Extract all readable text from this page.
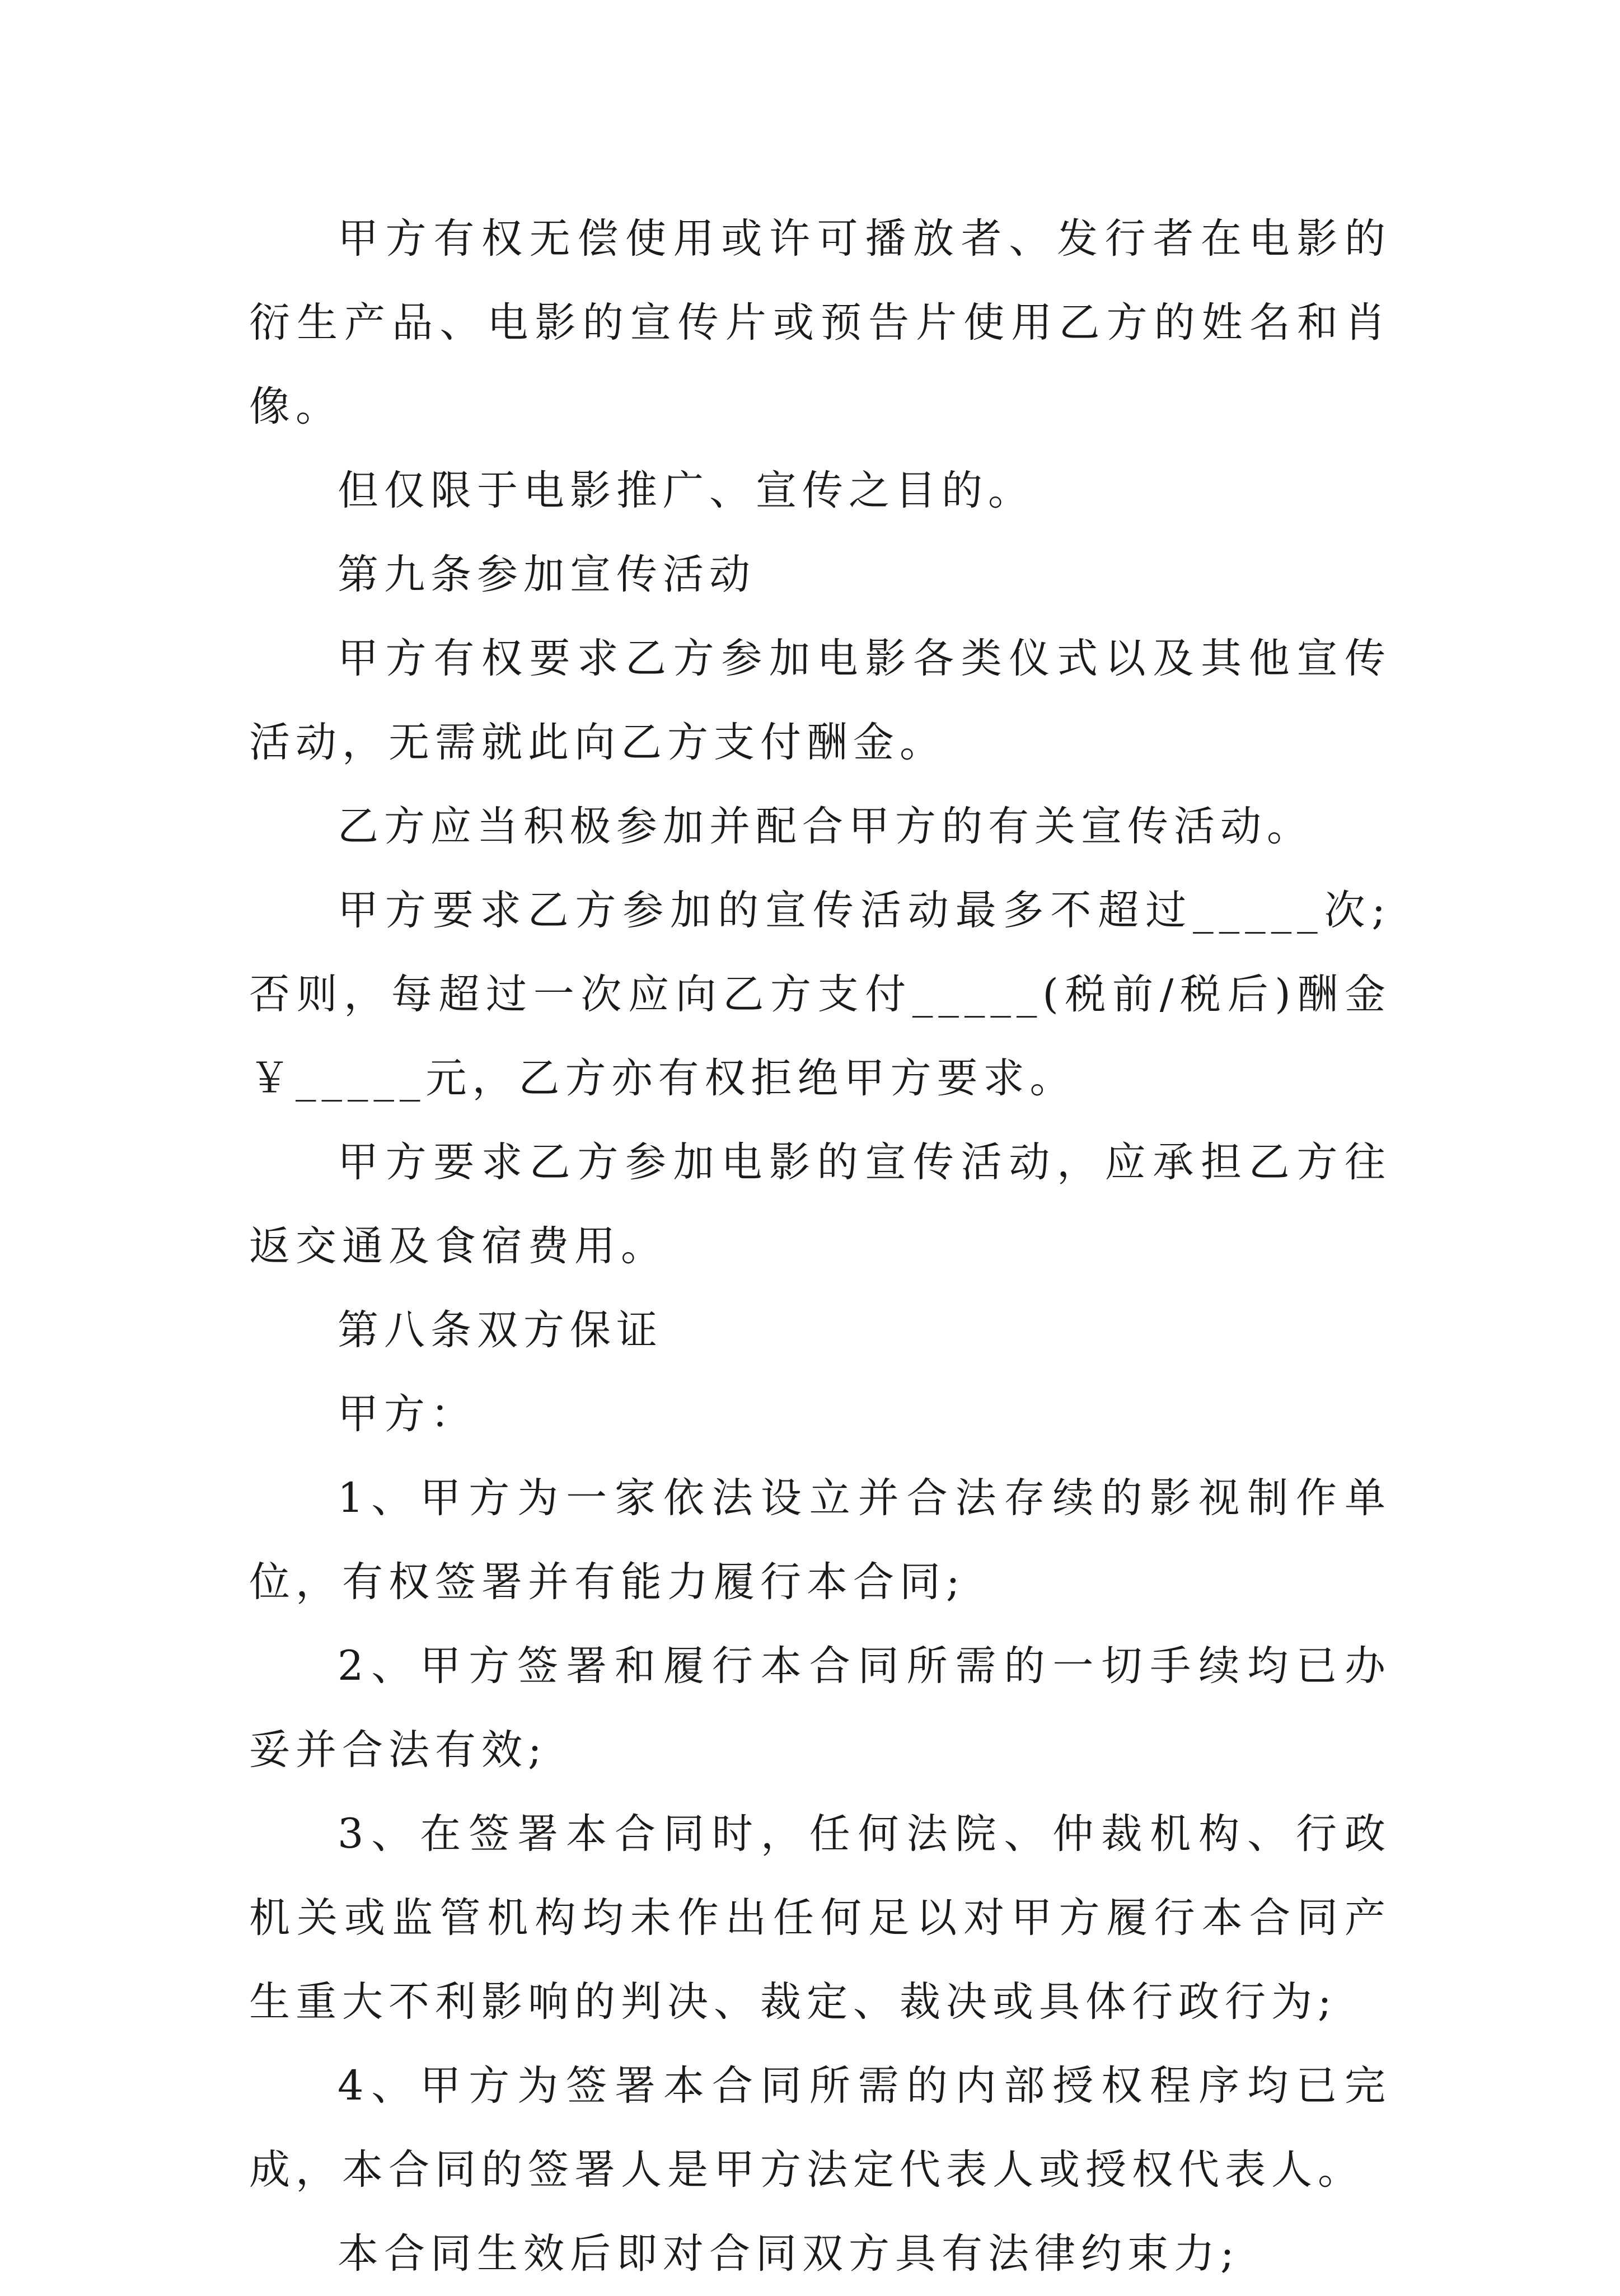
甲方有权无偿使用或许可播放者、发行者在电影的衍生产品、电影的宣传片或预告片使用乙方的姓名和肖像。

但仅限于电影推广、宣传之目的。

第九条参加宣传活动

甲方有权要求乙方参加电影各类仪式以及其他宣传活动，无需就此向乙方支付酬金。

乙方应当积极参加并配合甲方的有关宣传活动。

甲方要求乙方参加的宣传活动最多不超过_____次;否则，每超过一次应向乙方支付_____(税前/税后)酬金￥_____元，乙方亦有权拒绝甲方要求。

甲方要求乙方参加电影的宣传活动，应承担乙方往返交通及食宿费用。

第八条双方保证

甲方：

1、甲方为一家依法设立并合法存续的影视制作单位，有权签署并有能力履行本合同;

2、甲方签署和履行本合同所需的一切手续均已办妥并合法有效;

3、在签署本合同时，任何法院、仲裁机构、行政机关或监管机构均未作出任何足以对甲方履行本合同产生重大不利影响的判决、裁定、裁决或具体行政行为;

4、甲方为签署本合同所需的内部授权程序均已完成，本合同的签署人是甲方法定代表人或授权代表人。

本合同生效后即对合同双方具有法律约束力;
